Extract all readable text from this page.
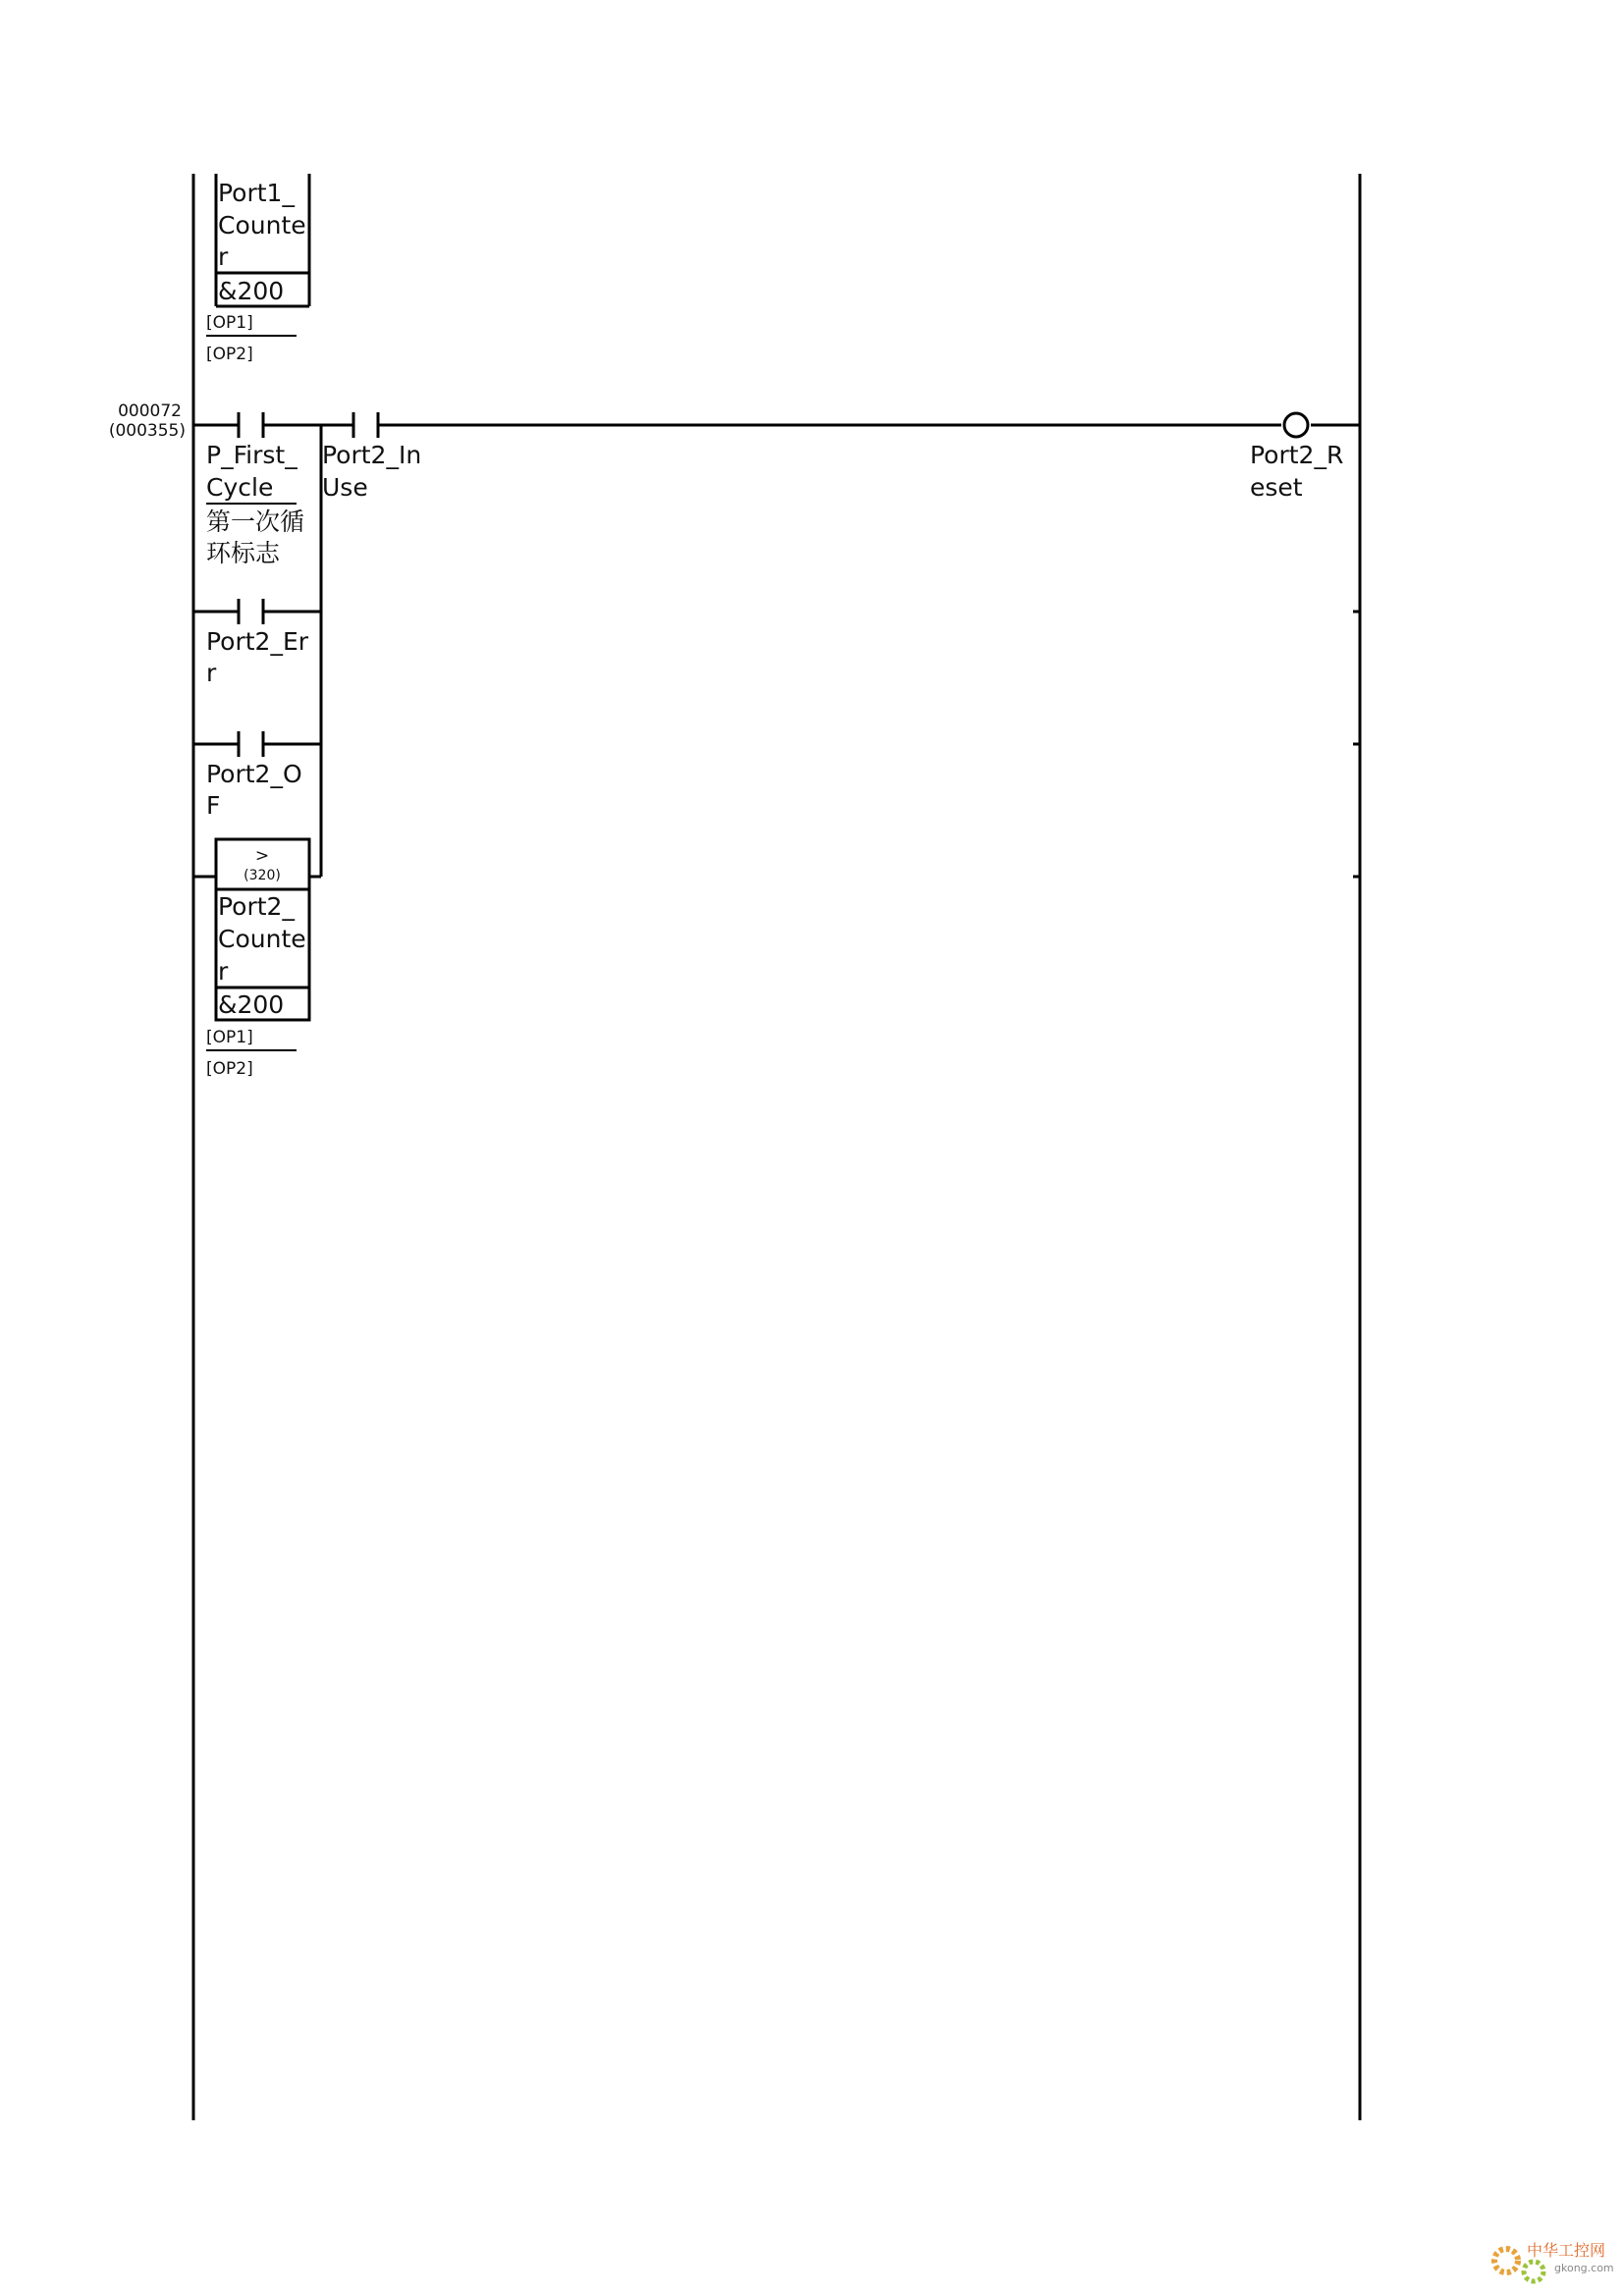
Port1_
Counte
r
&200
[OP1]
[OP2]
000072
(000355)
P_First_
Cycle
第一次循
环标志
Port2_In
Use
Port2_Er
r
Port2_O
F
>
(320)
Port2_
Counte
r
&200
[OP1]
[OP2]
Port2_R
eset
中华工控网
gkong.com
